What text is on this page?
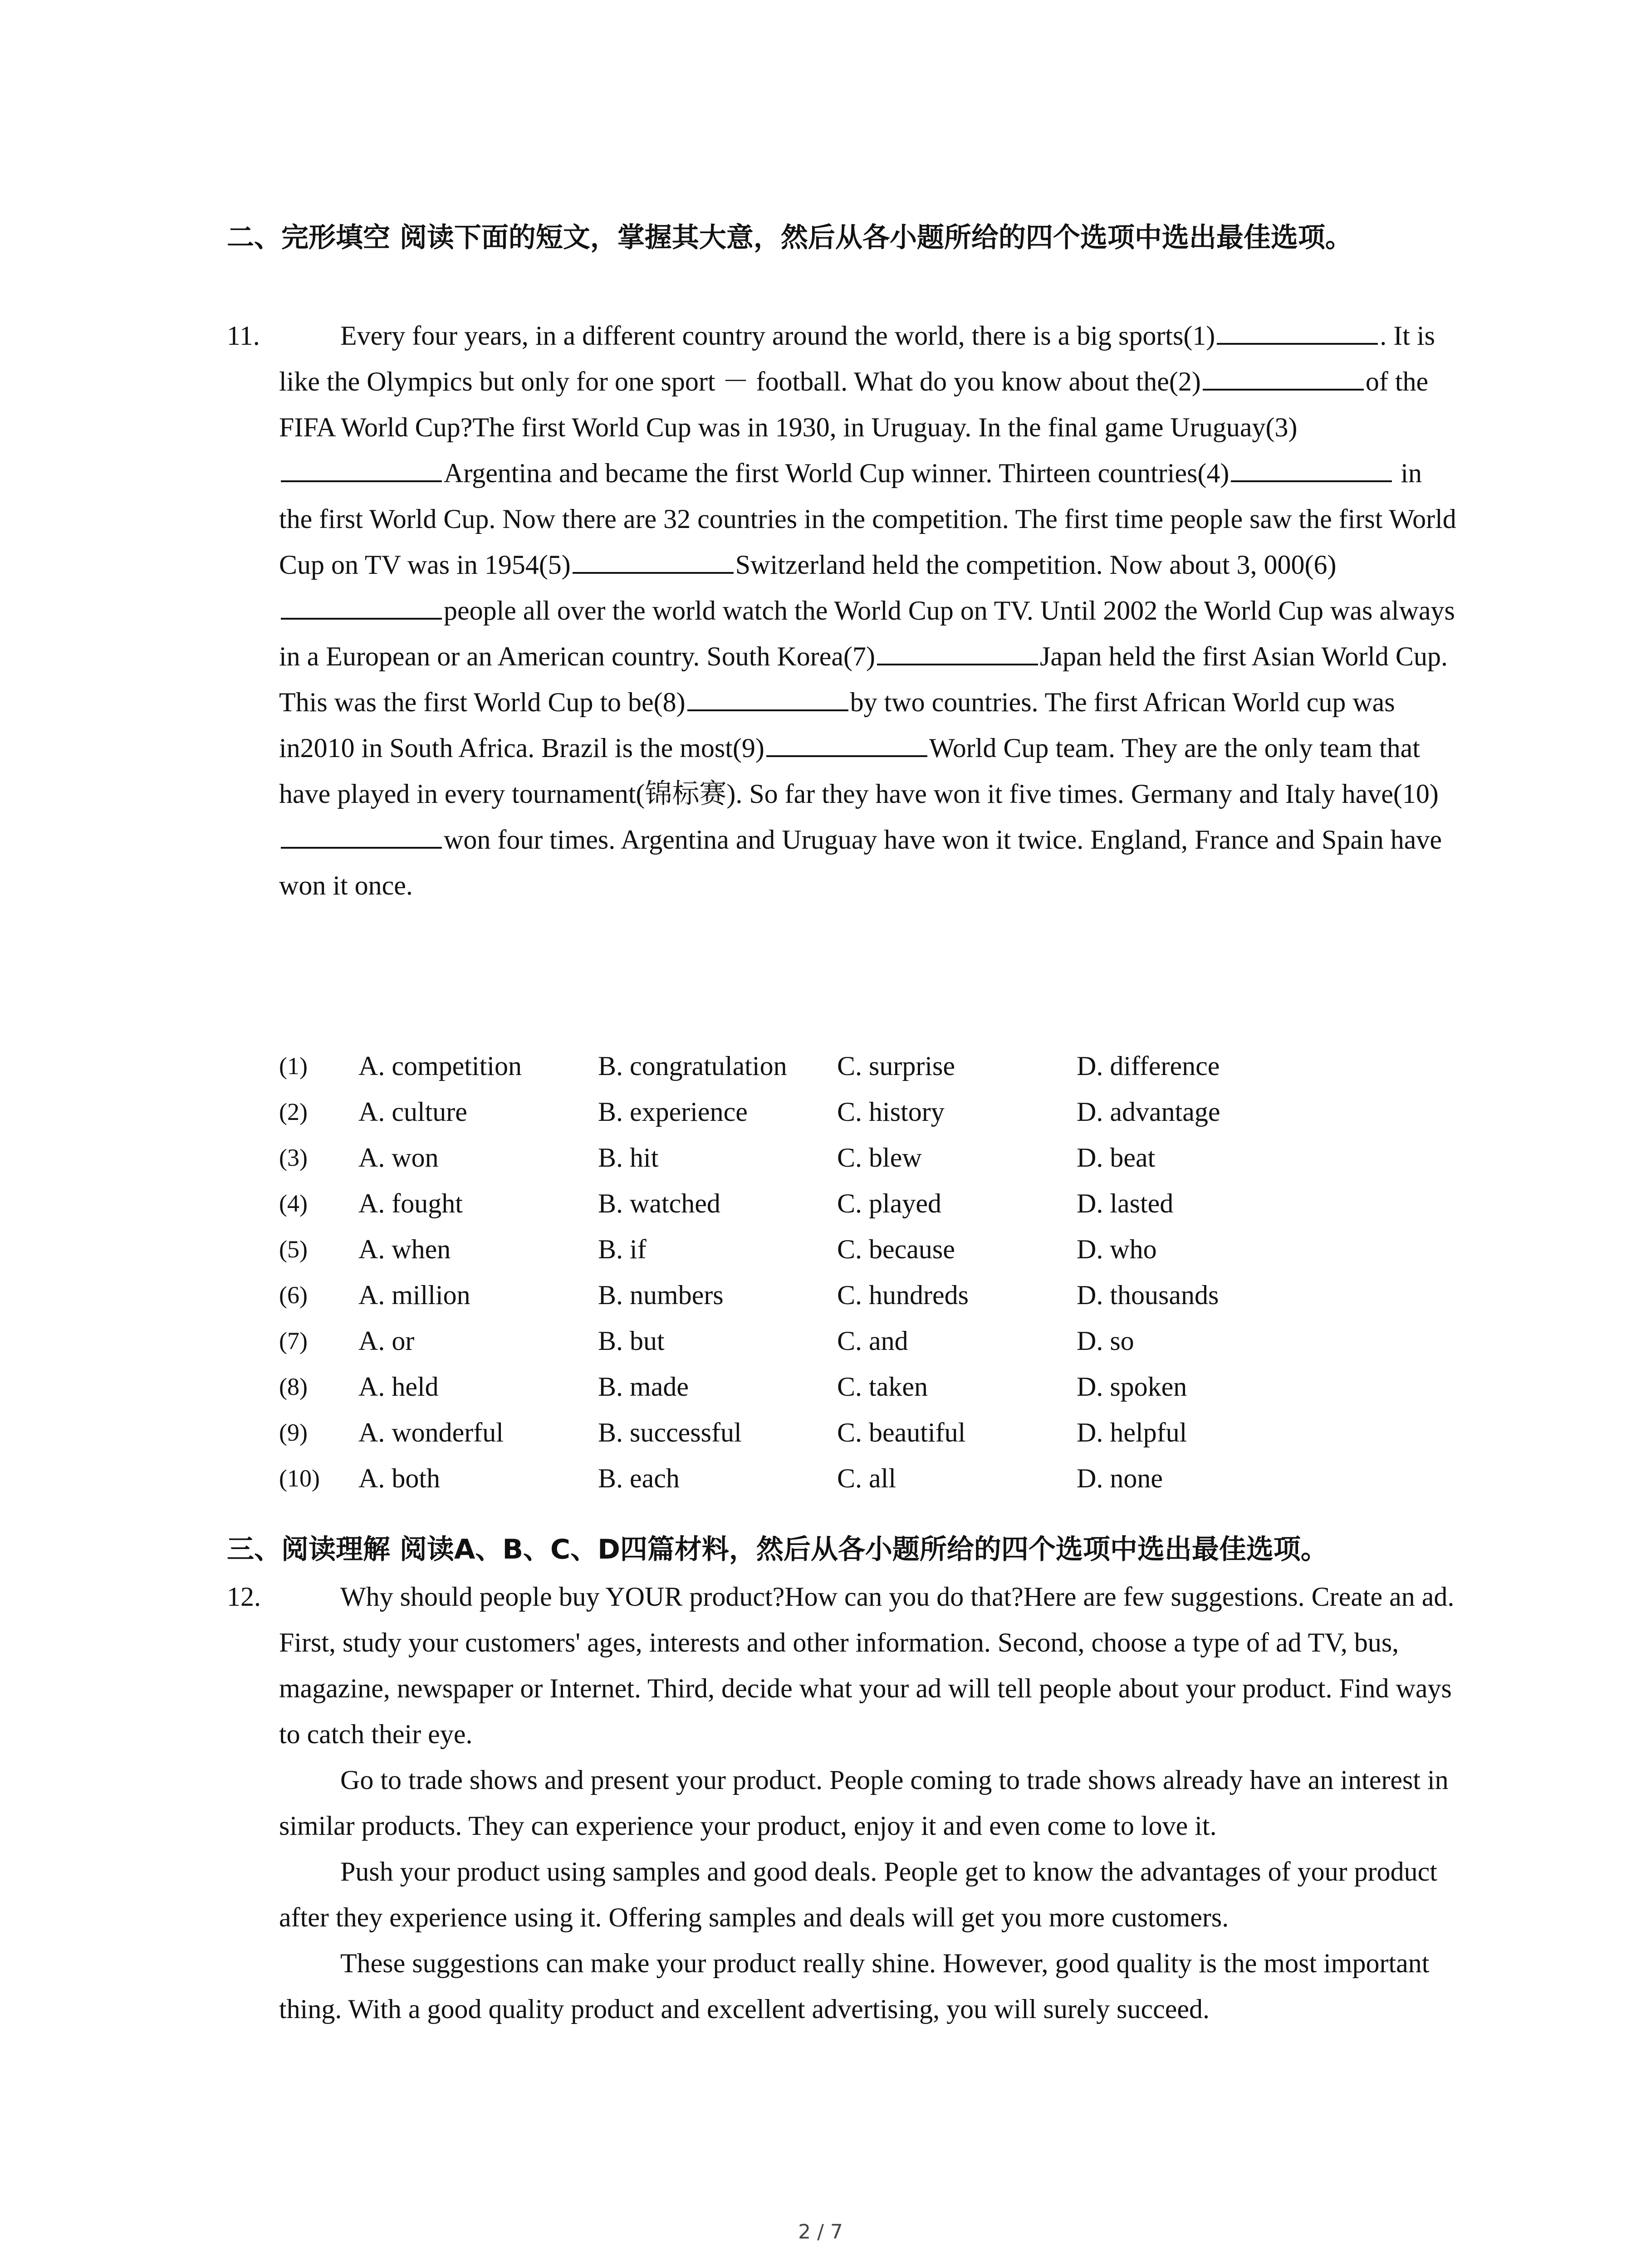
二、完形填空 阅读下面的短文，掌握其大意，然后从各小题所给的四个选项中选出最佳选项。
11.	Every four years, in a different country around the world, there is a big sports(1)	. It is like the Olympics but only for one sport － football. What do you know about the(2)	of the FIFA World Cup?The first World Cup was in 1930, in Uruguay. In the final game Uruguay(3)Argentina and became the first World Cup winner. Thirteen countries(4)	in the first World Cup. Now there are 32 countries in the competition. The first time people saw the first World Cup on TV was in 1954(5)	Switzerland held the competition. Now about 3, 000(6)people all over the world watch the World Cup on TV. Until 2002 the World Cup was always in a European or an American country. South Korea(7)	Japan held the first Asian World Cup. This was the first World Cup to be(8)	by two countries. The first African World cup was in2010 in South Africa. Brazil is the most(9)	World Cup team. They are the only team that have played in every tournament(锦标赛). So far they have won it five times. Germany and Italy have(10)won four times. Argentina and Uruguay have won it twice. England, France and Spain have won it once.

(1) A. competition	B. congratulation C. surprise	D. difference
(2) A. culture	B. experience	C. history	D. advantage
(3) A. won	B. hit	C. blew	D. beat
(4) A. fought	B. watched	C. played	D. lasted
(5) A. when	B. if	C. because	D. who
(6) A. million	B. numbers	C. hundreds	D. thousands
(7) A. or	B. but	C. and	D. so
(8) A. held	B. made	C. taken	D. spoken
(9) A. wonderful	B. successful	C. beautiful	D. helpful
(10) A. both	B. each	C. all	D. none
三、阅读理解 阅读A、B、C、D四篇材料，然后从各小题所给的四个选项中选出最佳选项。
12.	Why should people buy YOUR product?How can you do that?Here are few suggestions. Create an ad. First, study your customers' ages, interests and other information. Second, choose a type of ad TV, bus, magazine, newspaper or Internet. Third, decide what your ad will tell people about your product. Find ways to catch their eye.

Go to trade shows and present your product. People coming to trade shows already have an interest in similar products. They can experience your product, enjoy it and even come to love it.

Push your product using samples and good deals. People get to know the advantages of your product after they experience using it. Offering samples and deals will get you more customers.

These suggestions can make your product really shine. However, good quality is the most important thing. With a good quality product and excellent advertising, you will surely succeed.

2 / 7
